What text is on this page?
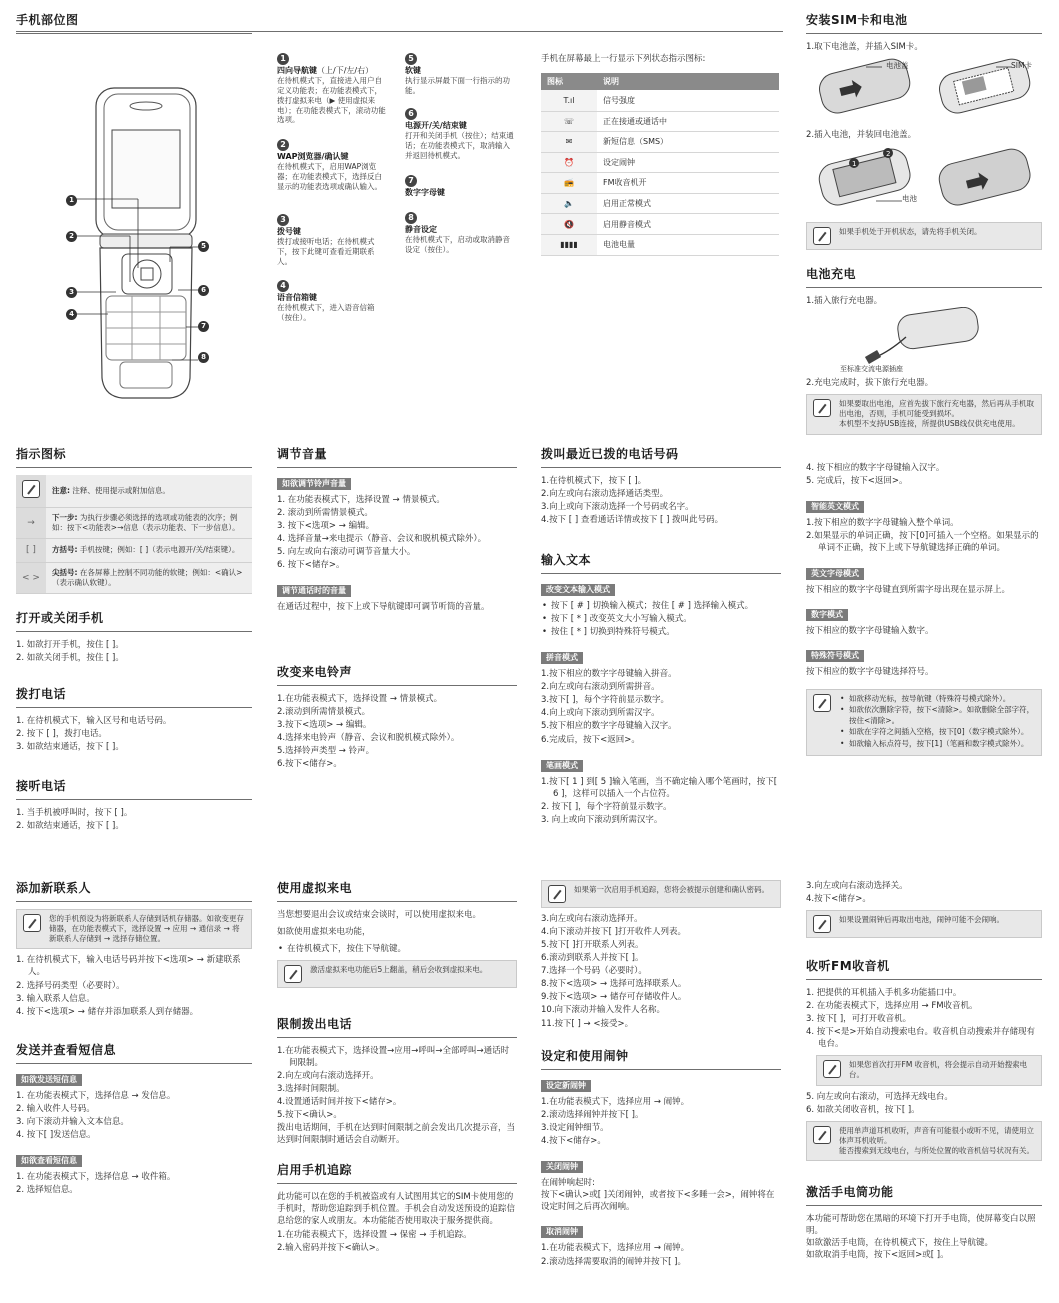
手机部位图
1
2
3
4
5
6
7
8
1
四向导航键（上/下/左/右）
在待机模式下，直接进入用户自定义功能表；在功能表模式下，拨打虚拟来电（▶ 使用虚拟来电）；在功能表模式下，滚动功能选项。
2
WAP浏览器/确认键
在待机模式下，启用WAP浏览器；在功能表模式下，选择反白显示的功能表选项或确认输入。
3
拨号键
拨打或接听电话；在待机模式下，按下此键可查看近期联系人。
4
语音信箱键
在待机模式下，进入语音信箱（按住）。
5
软键
执行显示屏最下面一行指示的功能。
6
电源开/关/结束键
打开和关闭手机（按住）；结束通话；在功能表模式下，取消输入并返回待机模式。
7
数字字母键
8
静音设定
在待机模式下，启动或取消静音设定（按住）。

手机在屏幕最上一行显示下列状态指示图标:

图标	说明
T.ıl	信号强度
☏	正在接通或通话中
✉	新短信息（SMS）
⏰	设定闹钟
📻	FM收音机开
🔈	启用正常模式
🔇	启用静音模式
▮▮▮▮	电池电量
安装SIM卡和电池

1.取下电池盖，并插入SIM卡。

电池盖	SIM卡

2.插入电池，并装回电池盖。

1
2
电池
如果手机处于开机状态，请先将手机关闭。
电池充电

1.插入旅行充电器。

至标准交流电源插座

2.充电完成时，拔下旅行充电器。

如果要取出电池，应首先拔下旅行充电器，然后再从手机取出电池，否则，手机可能受到损坏。
本机型不支持USB连接，所提供USB线仅供充电使用。
指示图标
	注意: 注释、使用提示或附加信息。
→	下一步: 为执行步骤必须选择的选项或功能表的次序；例如：按下<功能表>→信息（表示功能表、下一步信息）。
[ ]	方括号: 手机按键；例如：[ ]（表示电源开/关/结束键）。
< >	尖括号: 在各屏幕上控制不同功能的软键；例如：<确认>（表示确认软键）。
打开或关闭手机
1. 如欲打开手机，按住 [ ]。
2. 如欲关闭手机，按住 [ ]。
拨打电话
1. 在待机模式下，输入区号和电话号码。
2. 按下 [ ]，拨打电话。
3. 如欲结束通话，按下 [ ]。
接听电话
1. 当手机被呼叫时，按下 [ ]。
2. 如欲结束通话，按下 [ ]。
调节音量
如欲调节铃声音量
1. 在功能表模式下，选择设置 → 情景模式。
2. 滚动到所需情景模式。
3. 按下<选项> → 编辑。
4. 选择音量→来电提示（静音、会议和脱机模式除外）。
5. 向左或向右滚动可调节音量大小。
6. 按下<储存>。
调节通话时的音量

在通话过程中，按下上或下导航键即可调节听筒的音量。

改变来电铃声
1.在功能表模式下，选择设置 → 情景模式。
2.滚动到所需情景模式。
3.按下<选项> → 编辑。
4.选择来电铃声（静音、会议和脱机模式除外）。
5.选择铃声类型 → 铃声。
6.按下<储存>。
拨叫最近已拨的电话号码
1.在待机模式下，按下 [ ]。
2.向左或向右滚动选择通话类型。
3.向上或向下滚动选择一个号码或名字。
4.按下 [ ] 查看通话详情或按下 [ ] 拨叫此号码。
输入文本
改变文本输入模式
• 按下 [ # ] 切换输入模式；按住 [ # ] 选择输入模式。
• 按下 [ * ] 改变英文大小写输入模式。
• 按住 [ * ] 切换到特殊符号模式。
拼音模式
1.按下相应的数字字母键输入拼音。
2.向左或向右滚动到所需拼音。
3.按下[ ]，每个字符前显示数字。
4.向上或向下滚动到所需汉字。
5.按下相应的数字字母键输入汉字。
6.完成后，按下<返回>。
笔画模式
1.按下[ 1 ] 到[ 5 ]输入笔画，当不确定输入哪个笔画时，按下[ 6 ]，这样可以插入一个占位符。
2. 按下[ ]，每个字符前显示数字。
3. 向上或向下滚动到所需汉字。
4. 按下相应的数字字母键输入汉字。
5. 完成后，按下<返回>。
智能英文模式
1.按下相应的数字字母键输入整个单词。
2.如果显示的单词正确，按下[0]可插入一个空格。如果显示的单词不正确，按下上或下导航键选择正确的单词。
英文字母模式

按下相应的数字字母键直到所需字母出现在显示屏上。

数字模式

按下相应的数字字母键输入数字。

特殊符号模式

按下相应的数字字母键选择符号。

• 如欲移动光标，按导航键（特殊符号模式除外）。
• 如欲依次删除字符，按下<清除>。如欲删除全部字符，按住<清除>。
• 如欲在字符之间插入空格，按下[0]（数字模式除外）。
• 如欲输入标点符号，按下[1]（笔画和数字模式除外）。
添加新联系人
您的手机预设为将新联系人存储到话机存储器。如欲变更存储器，在功能表模式下，选择设置 → 应用 → 通信录 → 将新联系人存储到 → 选择存储位置。
1. 在待机模式下，输入电话号码并按下<选项> → 新建联系人。
2. 选择号码类型（必要时）。
3. 输入联系人信息。
4. 按下<选项> → 储存并添加联系人到存储器。
发送并查看短信息
如欲发送短信息
1. 在功能表模式下，选择信息 → 发信息。
2. 输入收件人号码。
3. 向下滚动并输入文本信息。
4. 按下[ ]发送信息。
如欲查看短信息
1. 在功能表模式下，选择信息 → 收件箱。
2. 选择短信息。
使用虚拟来电

当您想要退出会议或结束会谈时，可以使用虚拟来电。

如欲使用虚拟来电功能，

• 在待机模式下，按住下导航键。
激活虚拟来电功能后5上翻盖，稍后会收到虚拟来电。
限制拨出电话
1.在功能表模式下，选择设置→应用→呼叫→全部呼叫→通话时间限制。
2.向左或向右滚动选择开。
3.选择时间限制。
4.设置通话时间并按下<储存>。
5.按下<确认>。

拨出电话期间，手机在达到时间限制之前会发出几次提示音，当达到时间限制时通话会自动断开。

启用手机追踪

此功能可以在您的手机被盗或有人试图用其它的SIM卡使用您的手机时，帮助您追踪到手机位置。手机会自动发送预设的追踪信息给您的家人或朋友。本功能能否使用取决于服务提供商。

1.在功能表模式下，选择设置 → 保密 → 手机追踪。
2.输入密码并按下<确认>。
如果第一次启用手机追踪，您将会被提示创建和确认密码。
3.向左或向右滚动选择开。
4.向下滚动并按下[ ]打开收件人列表。
5.按下[ ]打开联系人列表。
6.滚动到联系人并按下[ ]。
7.选择一个号码（必要时）。
8.按下<选项> → 选择可选择联系人。
9.按下<选项> → 储存可存储收件人。
10.向下滚动并输入发件人名称。
11.按下[ ] → <接受>。
设定和使用闹钟
设定新闹钟
1.在功能表模式下，选择应用 → 闹钟。
2.滚动选择闹钟并按下[ ]。
3.设定闹钟细节。
4.按下<储存>。
关闭闹钟

在闹钟响起时:

按下<确认>或[ ]关闭闹钟，或者按下<多睡一会>，闹钟将在设定时间之后再次闹响。

取消闹钟
1.在功能表模式下，选择应用 → 闹钟。
2.滚动选择需要取消的闹钟并按下[ ]。
3.向左或向右滚动选择关。
4.按下<储存>。
如果设置闹钟后再取出电池，闹钟可能不会闹响。
收听FM收音机
1. 把提供的耳机插入手机多功能插口中。
2. 在功能表模式下，选择应用 → FM收音机。
3. 按下[ ]，可打开收音机。
4. 按下<是>开始自动搜索电台。收音机自动搜索并存储现有电台。
如果您首次打开FM 收音机，将会提示自动开始搜索电台。
5. 向左或向右滚动，可选择无线电台。
6. 如欲关闭收音机，按下[ ]。
使用单声道耳机收听，声音有可能很小或听不见，请使用立体声耳机收听。
能否搜索到无线电台，与所处位置的收音机信号状况有关。
激活手电筒功能

本功能可帮助您在黑暗的环境下打开手电筒，使屏幕变白以照明。

如欲激活手电筒，在待机模式下，按住上导航键。

如欲取消手电筒，按下<返回>或[ ]。
